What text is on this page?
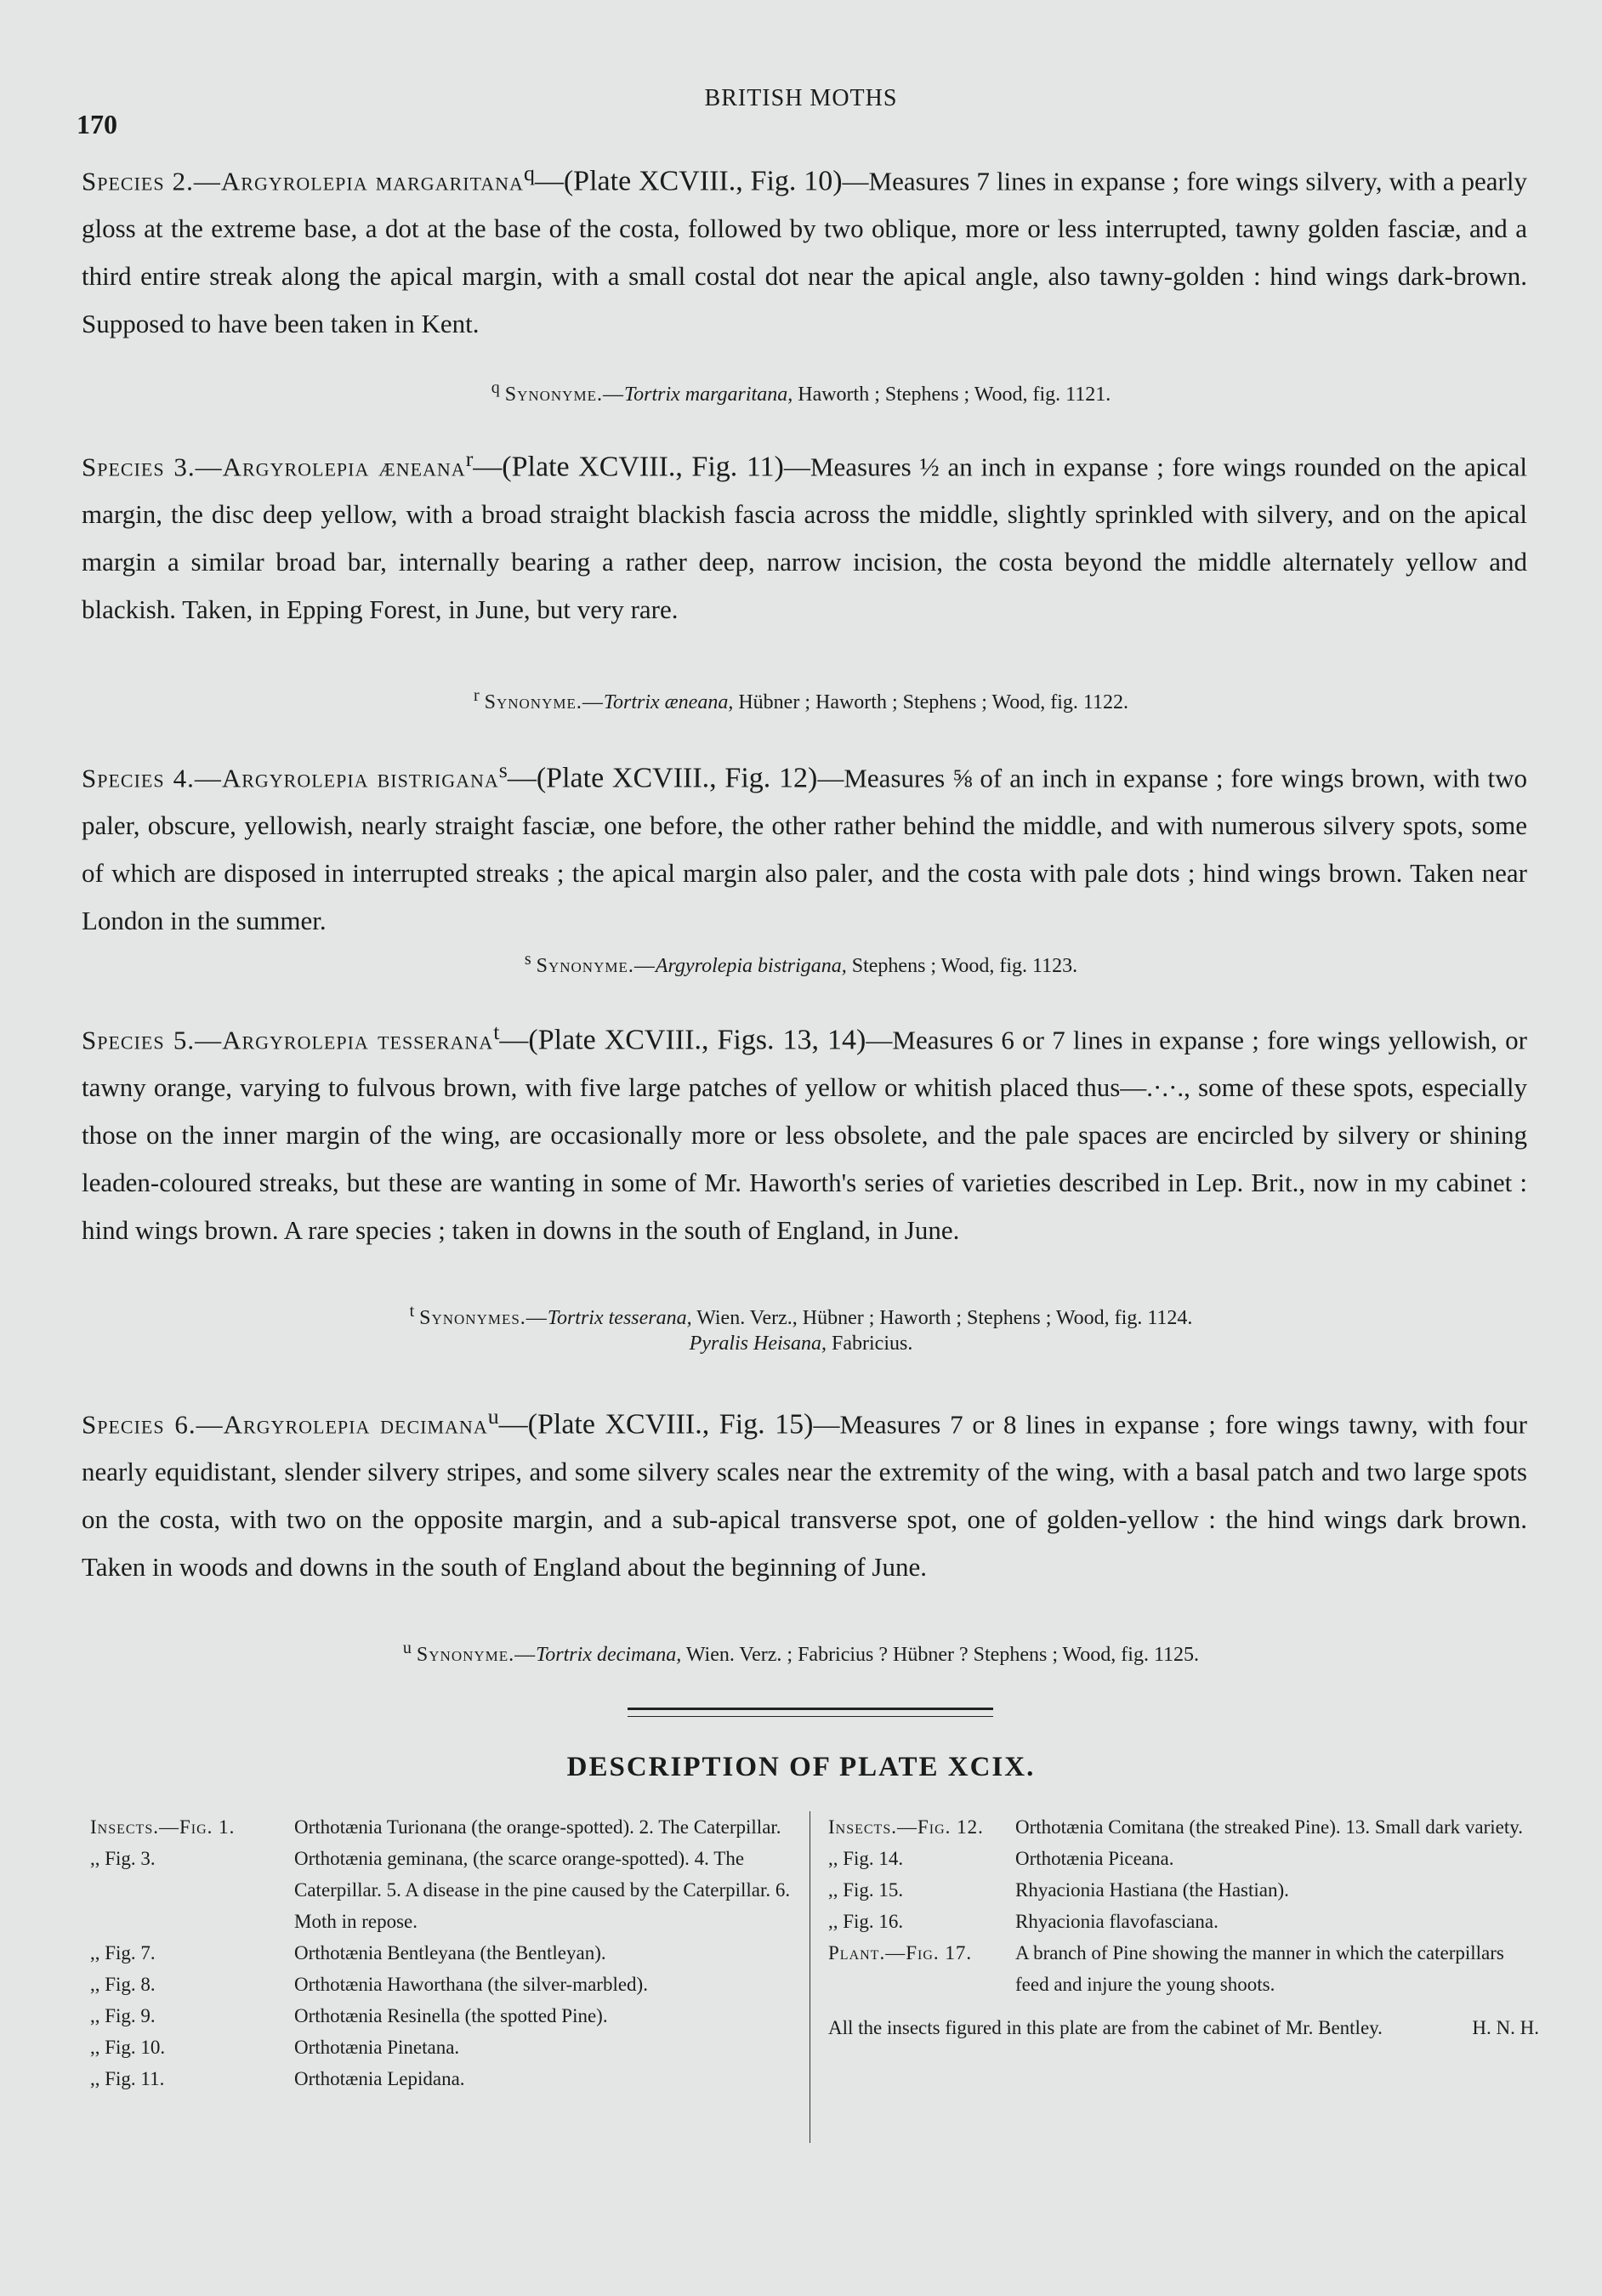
170
BRITISH MOTHS
Species 2.—Argyrolepia margaritana$^q$—(Plate XCVIII., Fig. 10)—Measures 7 lines in expanse ; fore wings silvery, with a pearly gloss at the extreme base, a dot at the base of the costa, followed by two oblique, more or less interrupted, tawny golden fasciæ, and a third entire streak along the apical margin, with a small costal dot near the apical angle, also tawny-golden : hind wings dark-brown. Supposed to have been taken in Kent.
$^q$ Synonyme.—Tortrix margaritana, Haworth ; Stephens ; Wood, fig. 1121.
Species 3.—Argyrolepia æneana$^r$—(Plate XCVIII., Fig. 11)—Measures ½ an inch in expanse ; fore wings rounded on the apical margin, the disc deep yellow, with a broad straight blackish fascia across the middle, slightly sprinkled with silvery, and on the apical margin a similar broad bar, internally bearing a rather deep, narrow incision, the costa beyond the middle alternately yellow and blackish. Taken, in Epping Forest, in June, but very rare.
$^r$ Synonyme.—Tortrix æneana, Hübner ; Haworth ; Stephens ; Wood, fig. 1122.
Species 4.—Argyrolepia bistrigana$^s$—(Plate XCVIII., Fig. 12)—Measures ⅝ of an inch in expanse ; fore wings brown, with two paler, obscure, yellowish, nearly straight fasciæ, one before, the other rather behind the middle, and with numerous silvery spots, some of which are disposed in interrupted streaks ; the apical margin also paler, and the costa with pale dots ; hind wings brown. Taken near London in the summer.
$^s$ Synonyme.—Argyrolepia bistrigana, Stephens ; Wood, fig. 1123.
Species 5.—Argyrolepia tesserana$^t$—(Plate XCVIII., Figs. 13, 14)—Measures 6 or 7 lines in expanse ; fore wings yellowish, or tawny orange, varying to fulvous brown, with five large patches of yellow or whitish placed thus—.·.·., some of these spots, especially those on the inner margin of the wing, are occasionally more or less obsolete, and the pale spaces are encircled by silvery or shining leaden-coloured streaks, but these are wanting in some of Mr. Haworth's series of varieties described in Lep. Brit., now in my cabinet : hind wings brown. A rare species ; taken in downs in the south of England, in June.
$^t$ Synonymes.—Tortrix tesserana, Wien. Verz., Hübner ; Haworth ; Stephens ; Wood, fig. 1124.
Pyralis Heisana, Fabricius.
Species 6.—Argyrolepia decimana$^u$—(Plate XCVIII., Fig. 15)—Measures 7 or 8 lines in expanse ; fore wings tawny, with four nearly equidistant, slender silvery stripes, and some silvery scales near the extremity of the wing, with a basal patch and two large spots on the costa, with two on the opposite margin, and a sub-apical transverse spot, one of golden-yellow : the hind wings dark brown. Taken in woods and downs in the south of England about the beginning of June.
$^u$ Synonyme.—Tortrix decimana, Wien. Verz. ; Fabricius ? Hübner ? Stephens ; Wood, fig. 1125.
DESCRIPTION OF PLATE XCIX.
Insects.—Fig. 1.	Orthotænia Turionana (the orange-spotted). 2. The Caterpillar.
,, Fig. 3.	Orthotænia geminana, (the scarce orange-spotted). 4. The Caterpillar. 5. A disease in the pine caused by the Caterpillar. 6. Moth in repose.
,, Fig. 7.	Orthotænia Bentleyana (the Bentleyan).
,, Fig. 8.	Orthotænia Haworthana (the silver-marbled).
,, Fig. 9.	Orthotænia Resinella (the spotted Pine).
,, Fig. 10.	Orthotænia Pinetana.
,, Fig. 11.	Orthotænia Lepidana.
Insects.—Fig. 12.	Orthotænia Comitana (the streaked Pine). 13. Small dark variety.
,, Fig. 14.	Orthotænia Piceana.
,, Fig. 15.	Rhyacionia Hastiana (the Hastian).
,, Fig. 16.	Rhyacionia flavofasciana.
Plant.—Fig. 17.	A branch of Pine showing the manner in which the caterpillars feed and injure the young shoots.
All the insects figured in this plate are from the cabinet of Mr. Bentley.	H. N. H.
